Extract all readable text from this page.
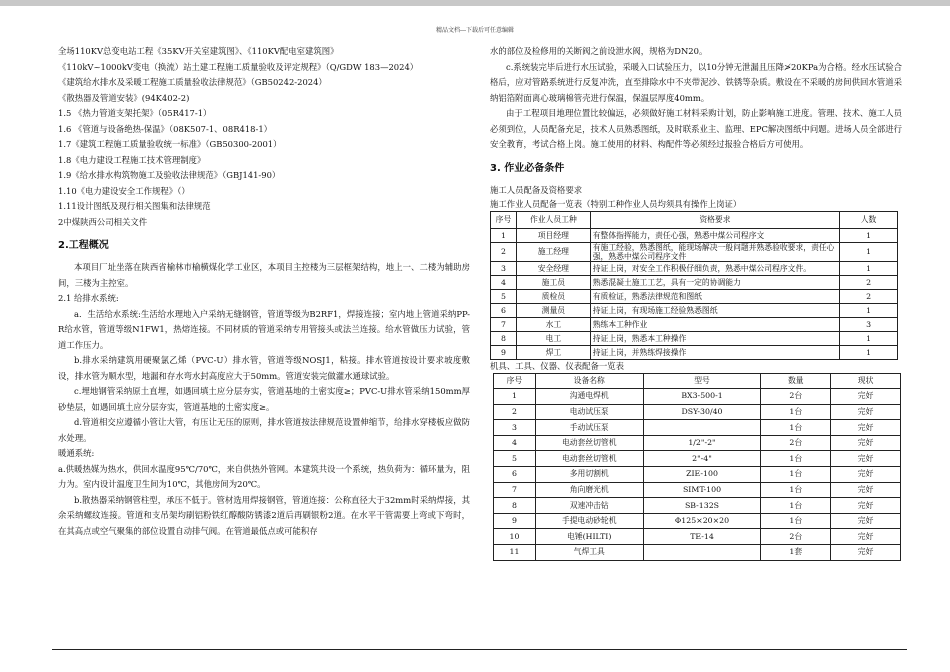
精品文档---下载后可任意编辑

全场110KV总变电站工程《35KV开关室建筑图》、《110KV配电室建筑图》

《110kV~1000kV变电（换流）站土建工程施工质量验收及评定规程》（Q/GDW 183—2024）

《建筑给水排水及采暖工程施工质量验收法律规范》（GB50242-2024）

《散热器及管道安装》(94K402-2)

1.5 《热力管道支架托架》（05R417-1）

1.6 《管道与设备绝热-保温》（08K507-1、08R418-1）

1.7《建筑工程施工质量验收统一标准》（GB50300-2001）

1.8《电力建设工程施工技术管理制度》

1.9《给水排水构筑物施工及验收法律规范》（GBJ141-90）

1.10《电力建设安全工作规程》（）

1.11设计图纸及现行相关图集和法律规范

2中煤陕西公司相关文件

2.工程概况

本项目厂址坐落在陕西省榆林市榆横煤化学工业区，本项目主控楼为三层框架结构，地上一、二楼为辅助房间，三楼为主控室。

2.1 给排水系统:

a．生活给水系统:生活给水理地入户采纳无缝钢管，管道等级为B2RF1，焊接连接；室内地上管道采纳PP-R给水管，管道等级N1FW1，热熔连接。不同材质的管道采纳专用管接头或法兰连接。给水管做压力试验，管道工作压力。

b.排水采纳建筑用硬聚氯乙烯（PVC-U）排水管，管道等级NOSJ1，粘接。排水管道按设计要求坡度敷设，排水管为顺水型，地漏和存水弯水封高度应大于50mm。管道安装完做灌水通球试验。

c.埋地钢管采纳原土直埋，如遇回填土应分层夯实，管道基地的土密实度≥；PVC-U排水管采纳150mm厚砂垫层，如遇回填土应分层夯实，管道基地的土密实度≥。

d.管道相交应遵循小管让大管，有压让无压的原则，排水管道按法律规范设置伸缩节，给排水穿楼板应做防水处理。

暖通系统:

a.供暖热媒为热水，供回水温度95℃/70℃，来自供热外管网。本建筑共设一个系统，热负荷为：循环量为，阻力为。室内设计温度卫生间为10℃，其他房间为20℃。

b.散热器采纳钢管柱型，承压不低于。管材选用焊接钢管，管道连接：公称直径大于32mm时采纳焊接，其余采纳螺纹连接。管道和支吊架均刷铝粉铁红醇酸防锈漆2道后再刷银粉2道。在水平干管需要上弯或下弯时，在其高点或空气聚集的部位设置自动排气阀。在管道最低点或可能积存

水的部位及检修用的关断阀之前设泄水阀，规格为DN20。

c.系统装完毕后进行水压试验，采暖入口试验压力，以10分钟无泄漏且压降≯20KPa为合格。经水压试验合格后，应对管路系统进行反复冲洗，直至排除水中不夹带泥沙、铁锈等杂质。敷设在不采暖的房间供回水管道采纳铝箔附面离心玻璃棉管壳进行保温，保温层厚度40mm。

由于工程项目地理位置比较偏远，必须做好施工材料采购计划，防止影响施工进度。管理、技术、施工人员必须到位，人员配备充足，技术人员熟悉图纸，及时联系业主、监理、EPC解决图纸中问题。进场人员全部进行安全教育，考试合格上岗。施工使用的材料、构配件等必须经过报验合格后方可使用。

3. 作业必备条件

施工人员配备及资格要求

施工作业人员配备一览表（特别工种作业人员均须具有操作上岗证）
序号	作业人员工种	资格要求	人数
1	项目经理	有整体指挥能力，责任心强，熟悉中煤公司程序文	1
2	施工经理	有施工经验，熟悉图纸，能现场解决一般问题并熟悉验收要求，责任心强，熟悉中煤公司程序文件	1
3	安全经理	持证上岗，对安全工作积极仔细负责，熟悉中煤公司程序文件。	1
4	施工员	熟悉混凝土施工工艺，具有一定的协调能力	2
5	质检员	有质检证，熟悉法律规范和图纸	2
6	测量员	持证上岗，有现场施工经验熟悉图纸	1
7	水工	熟练本工种作业	3
8	电工	持证上岗，熟悉本工种操作	1
9	焊工	持证上岗，并熟练焊接操作	1
机具、工具、仪器、仪表配备一览表
序号	设备名称	型号	数量	现状
1	沟通电焊机	BX3-500-1	2台	完好
2	电动试压泵	DSY-30/40	1台	完好
3	手动试压泵		1台	完好
4	电动套丝切管机	1/2"-2"	2台	完好
5	电动套丝切管机	2"-4"	1台	完好
6	多用切割机	ZIE-100	1台	完好
7	角向磨光机	SIMT-100	1台	完好
8	双速冲击钻	SB-132S	1台	完好
9	手提电动砂轮机	Φ125×20×20	1台	完好
10	电锤(HILTI)	TE-14	2台	完好
11	气焊工具		1套	完好
